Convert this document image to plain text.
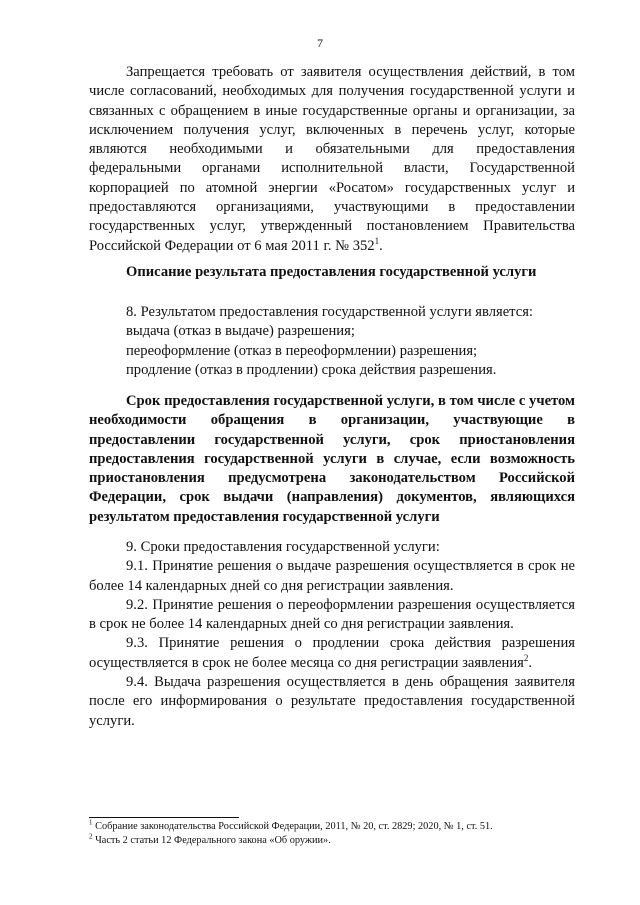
7
Запрещается требовать от заявителя осуществления действий, в том числе согласований, необходимых для получения государственной услуги и связанных с обращением в иные государственные органы и организации, за исключением получения услуг, включенных в перечень услуг, которые являются необходимыми и обязательными для предоставления федеральными органами исполнительной власти, Государственной корпорацией по атомной энергии «Росатом» государственных услуг и предоставляются организациями, участвующими в предоставлении государственных услуг, утвержденный постановлением Правительства Российской Федерации от 6 мая 2011 г. № $352^1$.
Описание результата предоставления государственной услуги

8. Результатом предоставления государственной услуги является:

выдача (отказ в выдаче) разрешения;

переоформление (отказ в переоформлении) разрешения;

продление (отказ в продлении) срока действия разрешения.

Срок предоставления государственной услуги, в том числе с учетом необходимости обращения в организации, участвующие в предоставлении государственной услуги, срок приостановления предоставления государственной услуги в случае, если возможность приостановления предусмотрена законодательством Российской Федерации, срок выдачи (направления) документов, являющихся результатом предоставления государственной услуги

9. Сроки предоставления государственной услуги:

9.1. Принятие решения о выдаче разрешения осуществляется в срок не более 14 календарных дней со дня регистрации заявления.

9.2. Принятие решения о переоформлении разрешения осуществляется в срок не более 14 календарных дней со дня регистрации заявления.

9.3. Принятие решения о продлении срока действия разрешения осуществляется в срок не более месяца со дня регистрации заявления$^2$.

9.4. Выдача разрешения осуществляется в день обращения заявителя после его информирования о результате предоставления государственной услуги.

$^1$ Собрание законодательства Российской Федерации, 2011, № 20, ст. 2829; 2020, № 1, ст. 51.
$^2$ Часть 2 статьи 12 Федерального закона «Об оружии».
